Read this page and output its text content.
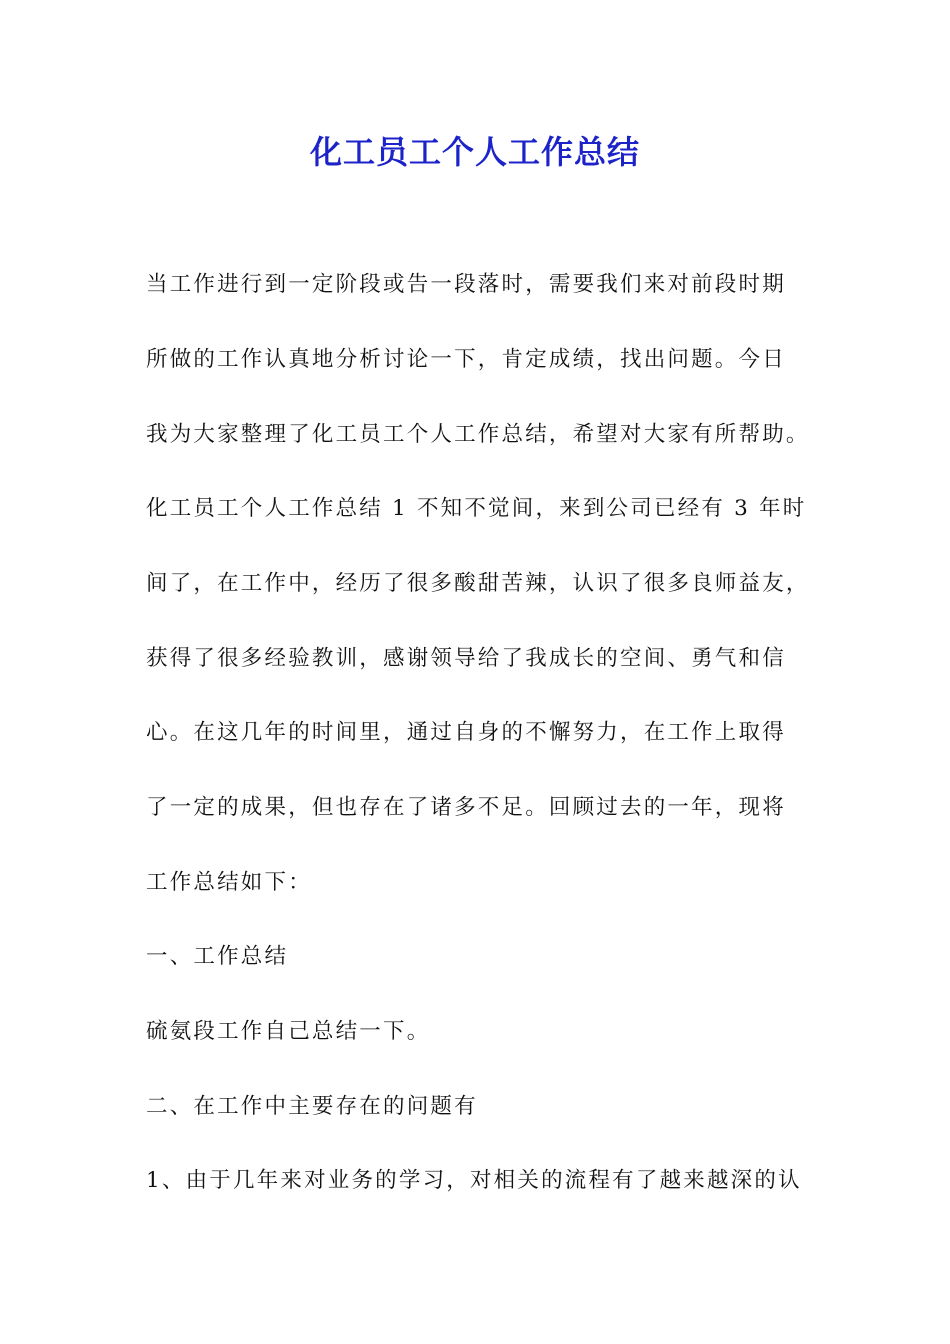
化工员工个人工作总结
当工作进行到一定阶段或告一段落时，需要我们来对前段时期
所做的工作认真地分析讨论一下，肯定成绩，找出问题。今日
我为大家整理了化工员工个人工作总结，希望对大家有所帮助。
化工员工个人工作总结 1 不知不觉间，来到公司已经有 3 年时
间了，在工作中，经历了很多酸甜苦辣，认识了很多良师益友，
获得了很多经验教训，感谢领导给了我成长的空间、勇气和信
心。在这几年的时间里，通过自身的不懈努力，在工作上取得
了一定的成果，但也存在了诸多不足。回顾过去的一年，现将
工作总结如下：
一、工作总结
硫氨段工作自己总结一下。
二、在工作中主要存在的问题有
1、由于几年来对业务的学习，对相关的流程有了越来越深的认
